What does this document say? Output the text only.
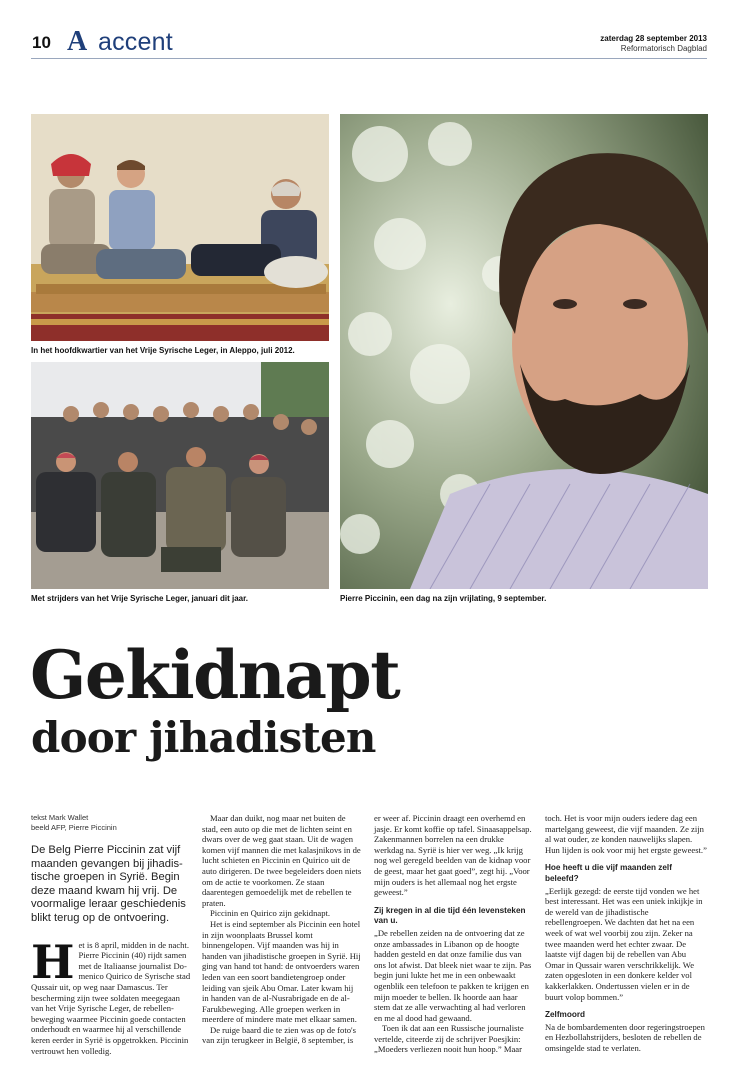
10 A accent	zaterdag 28 september 2013
Reformatorisch Dagblad
In het hoofdkwartier van het Vrije Syrische Leger, in Aleppo, juli 2012.
Met strijders van het Vrije Syrische Leger, januari dit jaar.	Pierre Piccinin, een dag na zijn vrijlating, 9 september.
Gekidnapt
door jihadisten
tekst Mark Wallet
beeld AFP, Pierre Piccinin
De Belg Pierre Piccinin zat vijf maanden gevangen bij jihadistische groepen in Syrië. Begin deze maand kwam hij vrij. De voormalige leraar geschiedenis blikt terug op de ontvoering.
H et is 8 april, midden in de nacht. Pierre Piccinin (40) rijdt samen met de Italiaanse journalist Domenico Quirico de Syrische stad Qussair uit, op weg naar Damascus. Ter bescherming zijn twee soldaten meegegaan van het Vrije Syrische Leger, de rebellenbeweging waarmee Piccinin goede contacten onderhoudt en waarmee hij al verschillende keren eerder in Syrië is opgetrokken. Piccinin vertrouwt hen volledig.

Maar dan duikt, nog maar net buiten de stad, een auto op die met de lichten seint en dwars over de weg gaat staan. Uit de wagen komen vijf mannen die met kalasjnikovs in de lucht schieten en Piccinin en Quirico uit de auto dirigeren. De twee begeleiders doen niets om de actie te voorkomen. Ze staan daarentegen gemoedelijk met de rebellen te praten.

Piccinin en Quirico zijn gekidnapt.

Het is eind september als Piccinin een hotel in zijn woonplaats Brussel komt binnengelopen. Vijf maanden was hij in handen van jihadistische groepen in Syrië. Hij ging van hand tot hand: de ontvoerders waren leden van een soort bandietengroep onder leiding van sjeik Abu Omar. Later kwam hij in handen van de al-Nusrabrigade en de al-Farukbeweging. Alle groepen werken in meerdere of mindere mate met elkaar samen.

De ruige baard die te zien was op de foto's van zijn terugkeer in België, 8 september, is

er weer af. Piccinin draagt een overhemd en jasje. Er komt koffie op tafel. Sinaasappelsap. Zakenmannen borrelen na een drukke werkdag na. Syrië is hier ver weg. „Ik krijg nog wel geregeld beelden van de kidnap voor de geest, maar het gaat goed”, zegt hij. „Voor mijn ouders is het allemaal nog het ergste geweest.”

Zij kregen in al die tijd één levensteken van u.

„De rebellen zeiden na de ontvoering dat ze onze ambassades in Libanon op de hoogte hadden gesteld en dat onze familie dus van ons lot afwist. Dat bleek niet waar te zijn. Pas begin juni lukte het me in een onbewaakt ogenblik een telefoon te pakken te krijgen en mijn moeder te bellen. Ik hoorde aan haar stem dat ze alle verwachting al had verloren en me al dood had gewaand.

Toen ik dat aan een Russische journaliste vertelde, citeerde zij de schrijver Poesjkin: „Moeders verliezen nooit hun hoop.” Maar

toch. Het is voor mijn ouders iedere dag een martelgang geweest, die vijf maanden. Ze zijn al wat ouder, ze konden nauwelijks slapen. Hun lijden is ook voor mij het ergste geweest.”

Hoe heeft u die vijf maanden zelf beleefd?

„Eerlijk gezegd: de eerste tijd vonden we het best interessant. Het was een uniek inkijkje in de wereld van de jihadistische rebellengroepen. We dachten dat het na een week of wat wel voorbij zou zijn. Zeker na twee maanden werd het echter zwaar. De laatste vijf dagen bij de rebellen van Abu Omar in Qussair waren verschrikkelijk. We zaten opgesloten in een donkere kelder vol kakkerlakken. Ondertussen vielen er in de buurt volop bommen.”

Zelfmoord

Na de bombardementen door regeringstroepen en Hezbollahstrijders, besloten de rebellen de omsingelde stad te verlaten.
